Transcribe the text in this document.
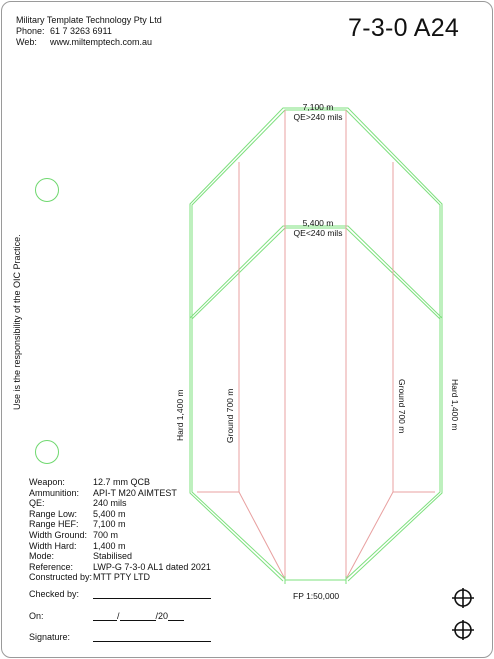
Military Template Technology Pty Ltd
Phone: 61 7 3263 6911
Web: www.miltemptech.com.au	7-3-0 A24
Use is the responsibility of the OIC Practice.
7,100 m
QE>240 mils
5,400 m
QE<240 mils
Hard 1,400 m	Ground 700 m	Ground 700 m	Hard 1,400 m
FP 1:50,000
Weapon:	12.7 mm QCB
Ammunition: API-T M20 AIMTEST
QE:	240 mils
Range Low: 5,400 m
Range HEF: 7,100 m
Width Ground: 700 m
Width Hard: 1,400 m
Mode:	Stabilised
Reference: LWP-G 7-3-0 AL1 dated 2021
Constructed by:MTT PTY LTD
Checked by:
On:	/	/20
Signature:
